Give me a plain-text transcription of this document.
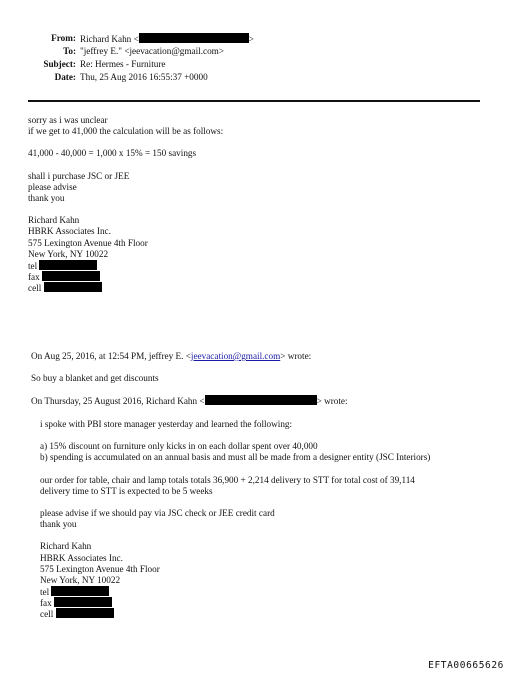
From: Richard Kahn <	>
To: "jeffrey E." <jeevacation@gmail.com>
Subject: Re: Hermes - Furniture
Date: Thu, 25 Aug 2016 16:55:37 +0000
sorry as i was unclear
if we get to 41,000 the calculation will be as follows:
41,000 - 40,000 = 1,000 x 15% = 150 savings
shall i purchase JSC or JEE
please advise
thank you
Richard Kahn
HBRK Associates Inc.
575 Lexington Avenue 4th Floor
New York, NY 10022
tel
fax
cell
On Aug 25, 2016, at 12:54 PM, jeffrey E. <jeevacation@gmail.com> wrote:
So buy a blanket and get discounts
On Thursday, 25 August 2016, Richard Kahn <	> wrote:
i spoke with PBI store manager yesterday and learned the following:
a) 15% discount on furniture only kicks in on each dollar spent over 40,000
b) spending is accumulated on an annual basis and must all be made from a designer entity (JSC Interiors)
our order for table, chair and lamp totals totals 36,900 + 2,214 delivery to STT for total cost of 39,114
delivery time to STT is expected to be 5 weeks
please advise if we should pay via JSC check or JEE credit card
thank you
Richard Kahn
HBRK Associates Inc.
575 Lexington Avenue 4th Floor
New York, NY 10022
tel
fax
cell
EFTA00665626
